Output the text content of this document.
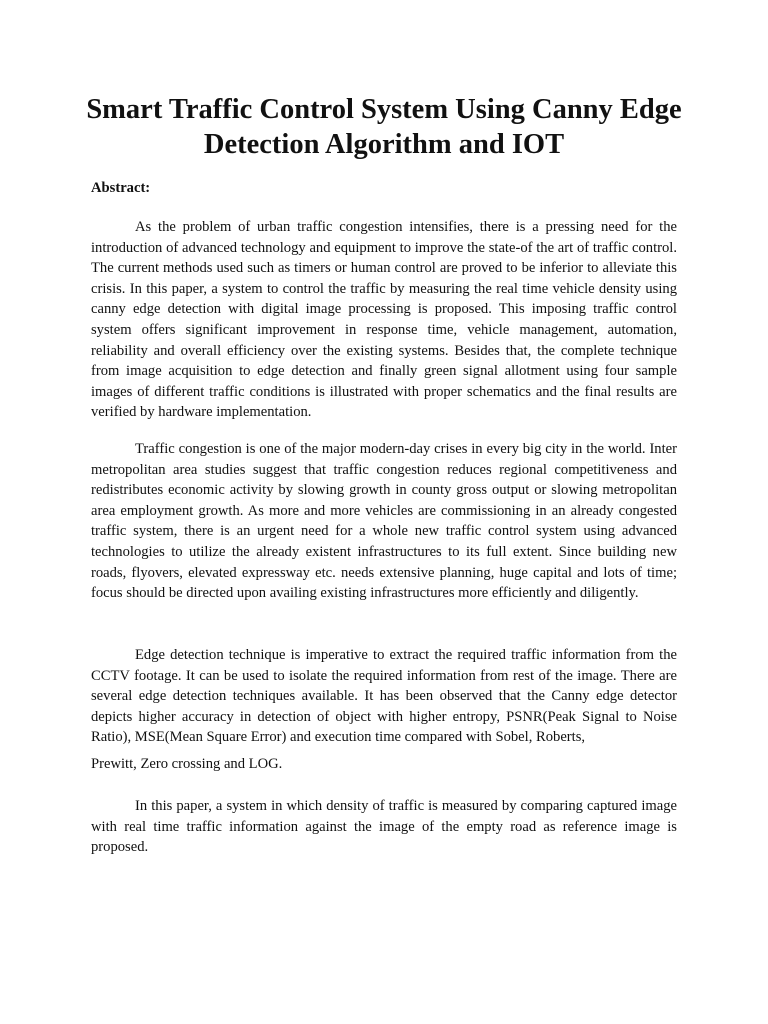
Smart Traffic Control System Using Canny Edge Detection Algorithm and IOT

Abstract:

As the problem of urban traffic congestion intensifies, there is a pressing need for the introduction of advanced technology and equipment to improve the state-of the art of traffic control. The current methods used such as timers or human control are proved to be inferior to alleviate this crisis. In this paper, a system to control the traffic by measuring the real time vehicle density using canny edge detection with digital image processing is proposed. This imposing traffic control system offers significant improvement in response time, vehicle management, automation, reliability and overall efficiency over the existing systems. Besides that, the complete technique from image acquisition to edge detection and finally green signal allotment using four sample images of different traffic conditions is illustrated with proper schematics and the final results are verified by hardware implementation.

Traffic congestion is one of the major modern-day crises in every big city in the world. Inter metropolitan area studies suggest that traffic congestion reduces regional competitiveness and redistributes economic activity by slowing growth in county gross output or slowing metropolitan area employment growth. As more and more vehicles are commissioning in an already congested traffic system, there is an urgent need for a whole new traffic control system using advanced technologies to utilize the already existent infrastructures to its full extent. Since building new roads, flyovers, elevated expressway etc. needs extensive planning, huge capital and lots of time; focus should be directed upon availing existing infrastructures more efficiently and diligently.

Edge detection technique is imperative to extract the required traffic information from the CCTV footage. It can be used to isolate the required information from rest of the image. There are several edge detection techniques available. It has been observed that the Canny edge detector depicts higher accuracy in detection of object with higher entropy, PSNR(Peak Signal to Noise Ratio), MSE(Mean Square Error) and execution time compared with Sobel, Roberts,

Prewitt, Zero crossing and LOG.

In this paper, a system in which density of traffic is measured by comparing captured image with real time traffic information against the image of the empty road as reference image is proposed.
